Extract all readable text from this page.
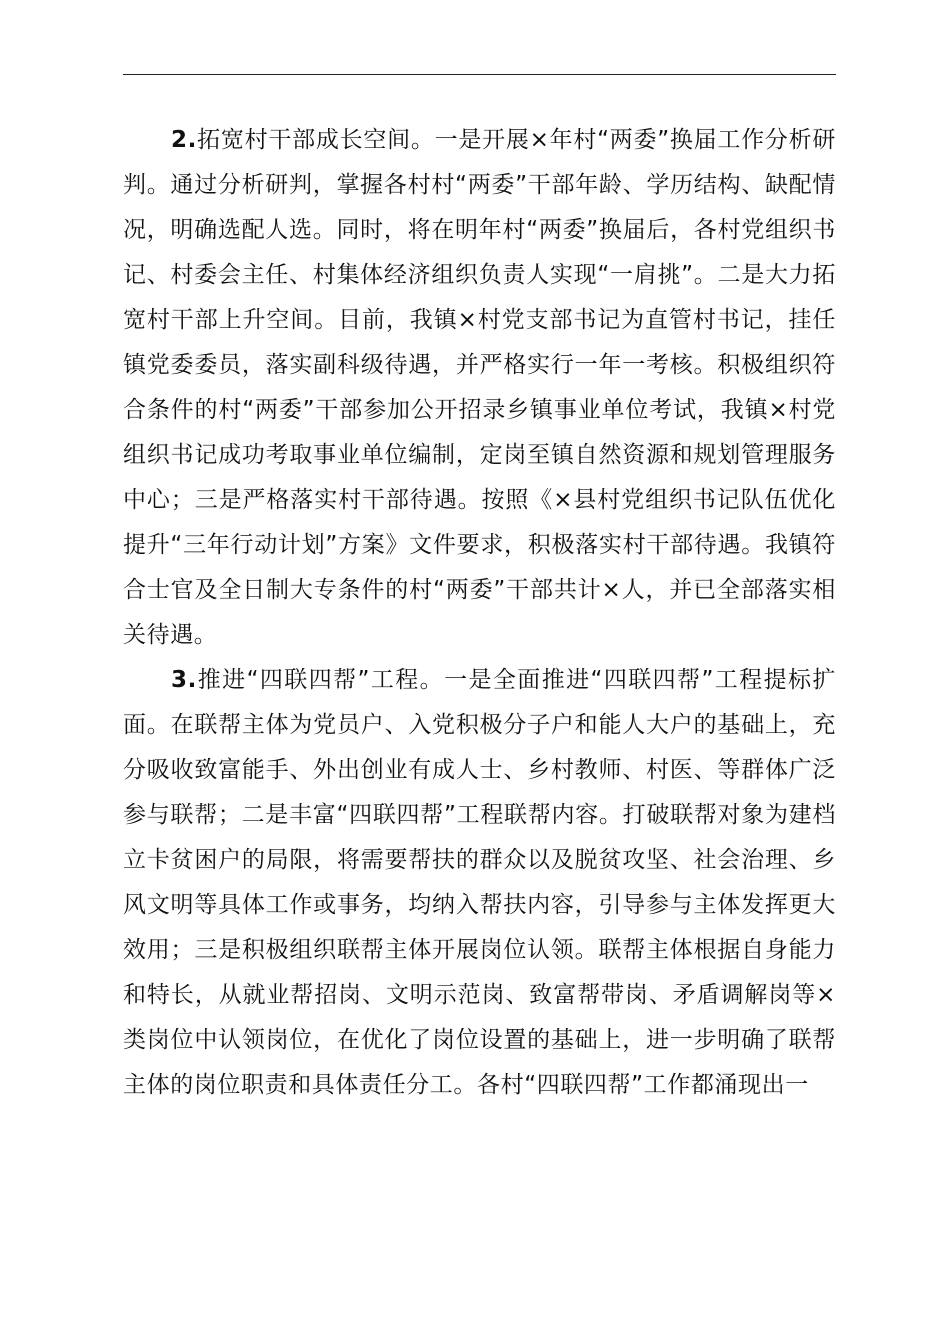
2.拓宽村干部成长空间。一是开展×年村“两委”换届工作分析研判。通过分析研判，掌握各村村“两委”干部年龄、学历结构、缺配情况，明确选配人选。同时，将在明年村“两委”换届后，各村党组织书记、村委会主任、村集体经济组织负责人实现“一肩挑”。二是大力拓宽村干部上升空间。目前，我镇×村党支部书记为直管村书记，挂任镇党委委员，落实副科级待遇，并严格实行一年一考核。积极组织符合条件的村“两委”干部参加公开招录乡镇事业单位考试，我镇×村党组织书记成功考取事业单位编制，定岗至镇自然资源和规划管理服务中心；三是严格落实村干部待遇。按照《×县村党组织书记队伍优化提升“三年行动计划”方案》文件要求，积极落实村干部待遇。我镇符合士官及全日制大专条件的村“两委”干部共计×人，并已全部落实相关待遇。

3.推进“四联四帮”工程。一是全面推进“四联四帮”工程提标扩面。在联帮主体为党员户、入党积极分子户和能人大户的基础上，充分吸收致富能手、外出创业有成人士、乡村教师、村医、等群体广泛参与联帮；二是丰富“四联四帮”工程联帮内容。打破联帮对象为建档立卡贫困户的局限，将需要帮扶的群众以及脱贫攻坚、社会治理、乡风文明等具体工作或事务，均纳入帮扶内容，引导参与主体发挥更大效用；三是积极组织联帮主体开展岗位认领。联帮主体根据自身能力和特长，从就业帮招岗、文明示范岗、致富帮带岗、矛盾调解岗等×类岗位中认领岗位，在优化了岗位设置的基础上，进一步明确了联帮主体的岗位职责和具体责任分工。各村“四联四帮”工作都涌现出一
